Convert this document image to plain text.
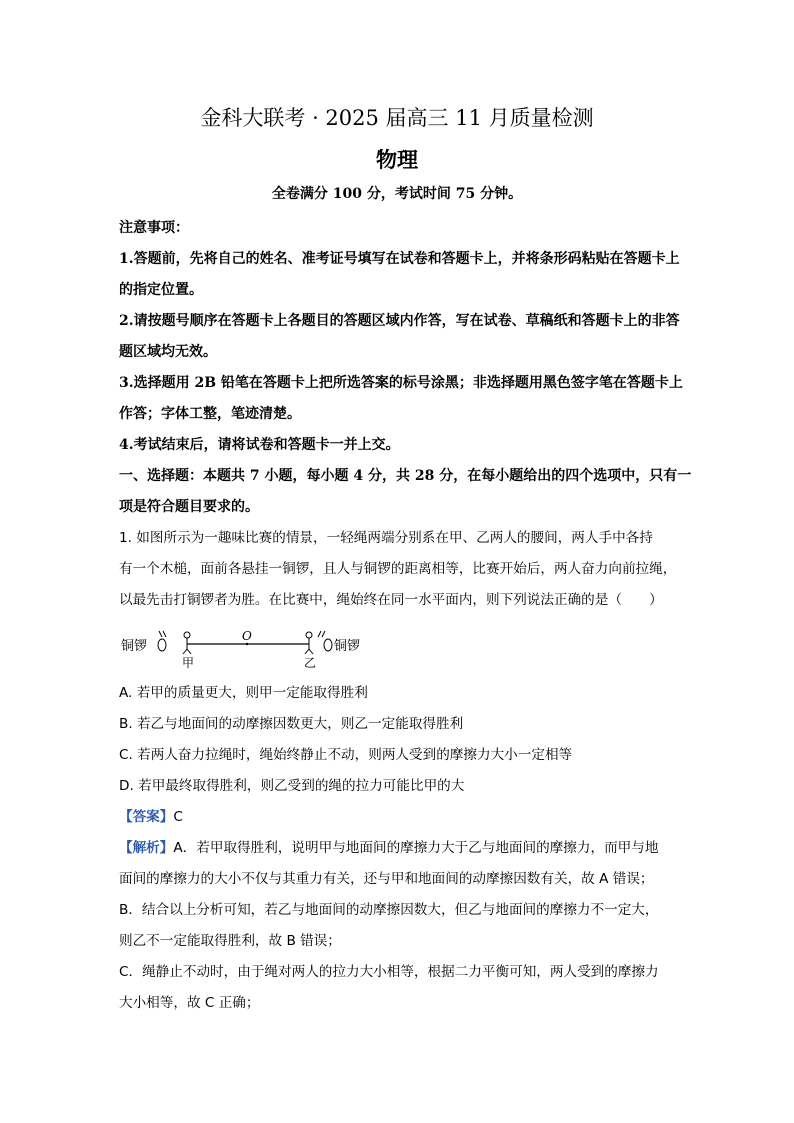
金科大联考 · 2025 届高三 11 月质量检测
物理
全卷满分 100 分，考试时间 75 分钟。
注意事项：
1.答题前，先将自己的姓名、准考证号填写在试卷和答题卡上，并将条形码粘贴在答题卡上
的指定位置。
2.请按题号顺序在答题卡上各题目的答题区域内作答，写在试卷、草稿纸和答题卡上的非答
题区域均无效。
3.选择题用 2B 铅笔在答题卡上把所选答案的标号涂黑；非选择题用黑色签字笔在答题卡上
作答；字体工整，笔迹清楚。
4.考试结束后，请将试卷和答题卡一并上交。
一、选择题：本题共 7 小题，每小题 4 分，共 28 分，在每小题给出的四个选项中，只有一
项是符合题目要求的。
1. 如图所示为一趣味比赛的情景，一轻绳两端分别系在甲、乙两人的腰间，两人手中各持
有一个木槌，面前各悬挂一铜锣，且人与铜锣的距离相等，比赛开始后，两人奋力向前拉绳，
以最先击打铜锣者为胜。在比赛中，绳始终在同一水平面内，则下列说法正确的是（　　）
铜锣
甲
O
乙
铜锣
A. 若甲的质量更大，则甲一定能取得胜利
B. 若乙与地面间的动摩擦因数更大，则乙一定能取得胜利
C. 若两人奋力拉绳时，绳始终静止不动，则两人受到的摩擦力大小一定相等
D. 若甲最终取得胜利，则乙受到的绳的拉力可能比甲的大
【答案】C
【解析】A．若甲取得胜利，说明甲与地面间的摩擦力大于乙与地面间的摩擦力，而甲与地
面间的摩擦力的大小不仅与其重力有关，还与甲和地面间的动摩擦因数有关，故 A 错误；
B．结合以上分析可知，若乙与地面间的动摩擦因数大，但乙与地面间的摩擦力不一定大，
则乙不一定能取得胜利，故 B 错误；
C．绳静止不动时，由于绳对两人的拉力大小相等，根据二力平衡可知，两人受到的摩擦力
大小相等，故 C 正确；
